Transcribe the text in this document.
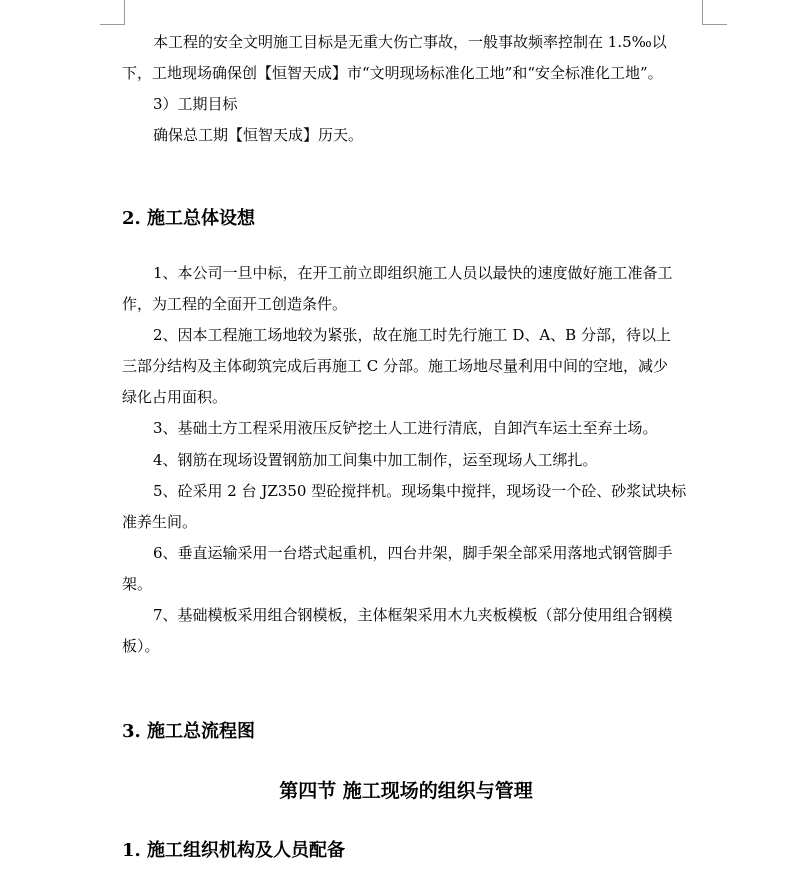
本工程的安全文明施工目标是无重大伤亡事故，一般事故频率控制在 1.5‰以
下，工地现场确保创【恒智天成】市“文明现场标准化工地”和“安全标准化工地”。
3）工期目标
确保总工期【恒智天成】历天。
2. 施工总体设想
1、本公司一旦中标，在开工前立即组织施工人员以最快的速度做好施工准备工
作，为工程的全面开工创造条件。
2、因本工程施工场地较为紧张，故在施工时先行施工 D、A、B 分部，待以上
三部分结构及主体砌筑完成后再施工 C 分部。施工场地尽量利用中间的空地，减少
绿化占用面积。
3、基础土方工程采用液压反铲挖土人工进行清底，自卸汽车运土至弃土场。
4、钢筋在现场设置钢筋加工间集中加工制作，运至现场人工绑扎。
5、砼采用 2 台 JZ350 型砼搅拌机。现场集中搅拌，现场设一个砼、砂浆试块标
准养生间。
6、垂直运输采用一台塔式起重机，四台井架，脚手架全部采用落地式钢管脚手
架。
7、基础模板采用组合钢模板，主体框架采用木九夹板模板（部分使用组合钢模
板）。
3. 施工总流程图
第四节 施工现场的组织与管理
1. 施工组织机构及人员配备
